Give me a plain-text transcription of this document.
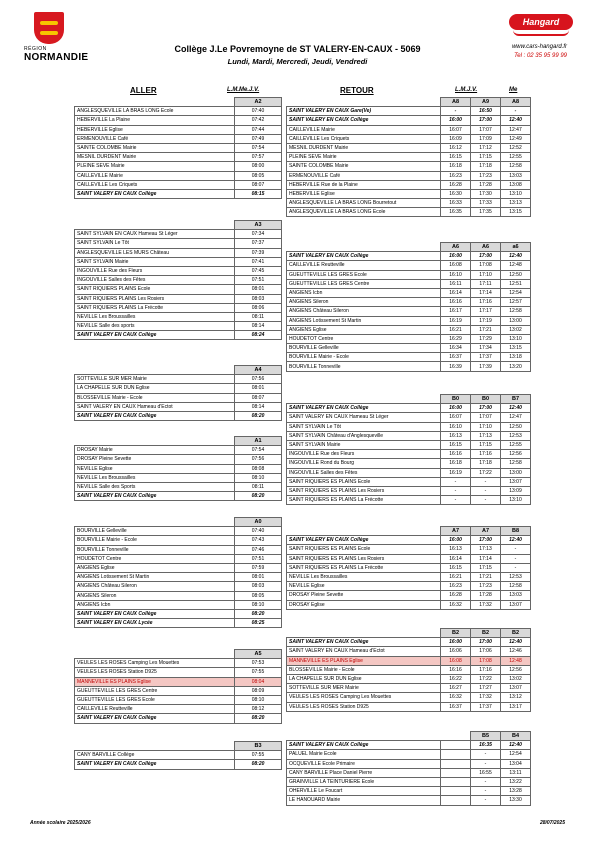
RÉGION
NORMANDIE
Hangard
www.cars-hangard.fr
Tel : 02 35 95 99 99
Collège J.Le Povremoyne de ST VALERY-EN-CAUX - 5069
Lundi, Mardi, Mercredi, Jeudi, Vendredi
ALLER	L.M.Me.J.V.	RETOUR	L.M.J.V.	Me
	A2
ANGLESQUEVILLE LA BRAS LONG Ecole	07:40
HEBERVILLE La Plaine	07:42
HEBERVILLE Eglise	07:44
ERMENOUVILLE Café	07:49
SAINTE COLOMBE Mairie	07:54
MESNIL DURDENT Mairie	07:57
PLEINE SEVE Mairie	08:00
CAILLEVILLE Mairie	08:05
CAILLEVILLE Les Criquets	08:07
SAINT VALERY EN CAUX Collège	08:15
	A3
SAINT SYLVAIN EN CAUX Hameau St Léger	07:34
SAINT SYLVAIN Le Tôt	07:37
ANGLESQUEVILLE LES MURS Château	07:39
SAINT SYLVAIN Mairie	07:41
INGOUVILLE Rue des Fleurs	07:45
INGOUVILLE Salles des Fêtes	07:51
SAINT RIQUIERS PLAINS Ecole	08:01
SAINT RIQUIERS PLAINS Les Rosiers	08:03
SAINT RIQUIERS PLAINS La Frécotte	08:06
NEVILLE Les Broussailles	08:11
NEVILLE Salle des sports	08:14
SAINT VALERY EN CAUX Collège	08:24
	A4
SOTTEVILLE SUR MER Mairie	07:56
LA CHAPELLE SUR DUN Eglise	08:01
BLOSSEVILLE Mairie - Ecole	08:07
SAINT VALERY EN CAUX Hameau d'Ectot	08:14
SAINT VALERY EN CAUX Collège	08:20
	A1
DROSAY Mairie	07:54
DROSAY Pleine Sevette	07:56
NEVILLE Eglise	08:08
NEVILLE Les Broussailles	08:10
NEVILLE Salle des Sports	08:11
SAINT VALERY EN CAUX Collège	08:20
	A0
BOURVILLE Gelleville	07:40
BOURVILLE Mairie - Ecole	07:43
BOURVILLE Tonneville	07:46
HOUDETOT Centre	07:51
ANGIENS Eglise	07:59
ANGIENS Lotissement St Martin	08:01
ANGIENS Château Sileron	08:03
ANGIENS Sileron	08:05
ANGIENS Icbn	08:10
SAINT VALERY EN CAUX Collège	08:20
SAINT VALERY EN CAUX Lycée	08:25
	A5
VEULES LES ROSES Camping Les Mouettes	07:53
VEULES LES ROSES Station D925	07:55
MANNEVILLE ES PLAINS Eglise	08:04
GUEUTTEVILLE LES GRES Centre	08:09
GUEUTTEVILLE LES GRES Ecole	08:10
CAILLEVILLE Reutteville	08:12
SAINT VALERY EN CAUX Collège	08:20
	B3
CANY BARVILLE Collège	07:55
SAINT VALERY EN CAUX Collège	08:20
	A8	A9	A8
SAINT VALERY EN CAUX Gare(Ve)	-	16:50	-
SAINT VALERY EN CAUX Collège	16:00	17:00	12:40
CAILLEVILLE Mairie	16:07	17:07	12:47
CAILLEVILLE Les Criquets	16:09	17:09	12:49
MESNIL DURDENT Mairie	16:12	17:12	12:52
PLEINE SEVE Mairie	16:15	17:15	12:55
SAINTE COLOMBE Mairie	16:18	17:18	12:58
ERMENOUVILLE Café	16:23	17:23	13:03
HEBERVILLE Rue de la Plaine	16:28	17:28	13:08
HEBERVILLE Eglise	16:30	17:30	13:10
ANGLESQUEVILLE LA BRAS LONG Bourretout	16:33	17:33	13:13
ANGLESQUEVILLE LA BRAS LONG Ecole	16:35	17:35	13:15
	A6	A6	a6
SAINT VALERY EN CAUX Collège	16:00	17:00	12:40
CAILLEVILLE Reutteville	16:08	17:08	12:48
GUEUTTEVILLE LES GRES Ecole	16:10	17:10	12:50
GUEUTTEVILLE LES GRES Centre	16:11	17:11	12:51
ANGIENS Icbn	16:14	17:14	12:54
ANGIENS Sileron	16:16	17:16	12:57
ANGIENS Château Sileron	16:17	17:17	12:58
ANGIENS Lotissement St Martin	16:19	17:19	13:00
ANGIENS Eglise	16:21	17:21	13:02
HOUDETOT Centre	16:29	17:29	13:10
BOURVILLE Gelleville	16:34	17:34	13:15
BOURVILLE Mairie - Ecole	16:37	17:37	13:18
BOURVILLE Tonneville	16:39	17:39	13:20
	B0	B0	B7
SAINT VALERY EN CAUX Collège	16:00	17:00	12:40
SAINT VALERY EN CAUX Hameau St Léger	16:07	17:07	12:47
SAINT SYLVAIN Le Tôt	16:10	17:10	12:50
SAINT SYLVAIN Château d'Anglesqueville	16:13	17:13	12:53
SAINT SYLVAIN Mairie	16:15	17:15	12:55
INGOUVILLE Rue des Fleurs	16:16	17:16	12:56
INGOUVILLE Rond du Bourg	16:18	17:18	12:58
INGOUVILLE Salles des Fêtes	16:19	17:22	13:00
SAINT RIQUIERS ES PLAINS Ecole	-	-	13:07
SAINT RIQUIERS ES PLAINS Les Rosiers	-	-	13:09
SAINT RIQUIERS ES PLAINS La Frécotte	-	-	13:10
	A7	A7	B8
SAINT VALERY EN CAUX Collège	16:00	17:00	12:40
SAINT RIQUIERS ES PLAINS Ecole	16:13	17:13	-
SAINT RIQUIERS ES PLAINS Les Rosiers	16:14	17:14	-
SAINT RIQUIERS ES PLAINS La Frécotte	16:15	17:15	-
NEVILLE Les Broussailles	16:21	17:21	12:53
NEVILLE Eglise	16:23	17:23	12:58
DROSAY Pleine Sevette	16:28	17:28	13:03
DROSAY Eglise	16:32	17:32	13:07
	B2	B2	B2
SAINT VALERY EN CAUX Collège	16:00	17:00	12:40
SAINT VALERY EN CAUX Hameau d'Ectot	16:06	17:06	12:46
MANNEVILLE ES PLAINS Eglise	16:08	17:08	12:48
BLOSSEVILLE Mairie - Ecole	16:16	17:16	12:56
LA CHAPELLE SUR DUN Eglise	16:22	17:22	13:02
SOTTEVILLE SUR MER Mairie	16:27	17:27	13:07
VEULES LES ROSES Camping Les Mouettes	16:32	17:32	13:12
VEULES LES ROSES Station D925	16:37	17:37	13:17
		B5	B4
SAINT VALERY EN CAUX Collège		16:35	12:40
PALUEL Mairie Ecole		-	12:54
OCQUEVILLE Ecole Primaire		-	13:04
CANY BARVILLE Place Daniel Pierre		16:55	13:11
GRAINVILLE LA TEINTURIERE Ecole		-	13:22
OHERVILLE Le Foucart		-	13:28
LE HANOUARD Mairie		-	13:30
Année scolaire 2025/2026	28/07/2025
